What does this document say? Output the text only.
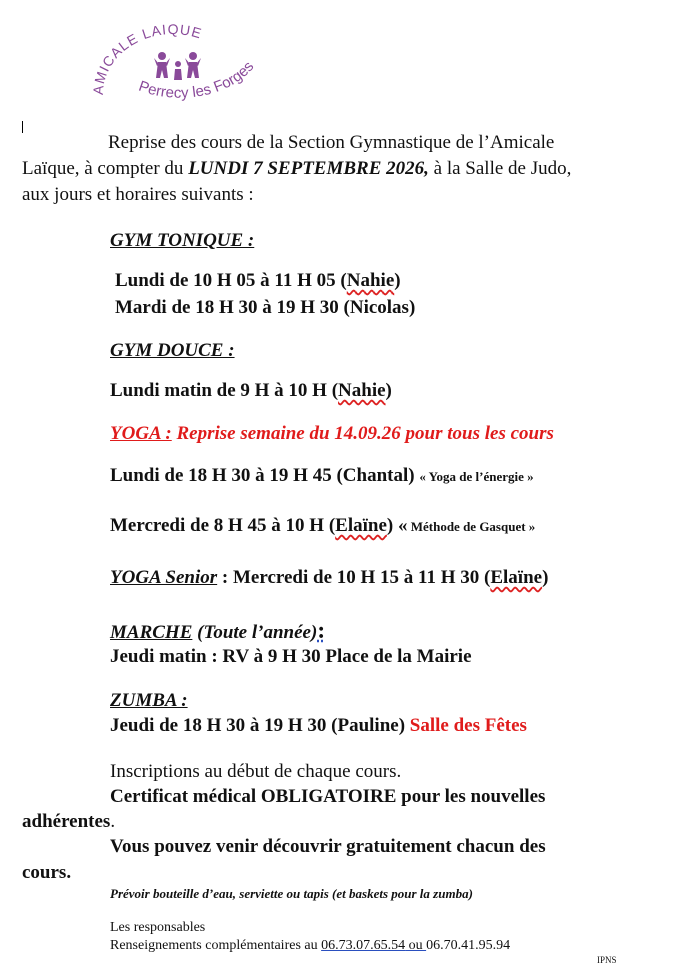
AMICALE LAIQUE
Perrecy les Forges
Reprise des cours de la Section Gymnastique de l’Amicale
Laïque, à compter du LUNDI 7 SEPTEMBRE 2026, à la Salle de Judo,
aux jours et horaires suivants :
GYM TONIQUE :
Lundi de 10 H 05 à 11 H 05 (Nahie)
Mardi de 18 H 30 à 19 H 30 (Nicolas)
GYM DOUCE :
Lundi matin de 9 H à 10 H (Nahie)
YOGA : Reprise semaine du 14.09.26 pour tous les cours
Lundi de 18 H 30 à 19 H 45 (Chantal) « Yoga de l’énergie »
Mercredi de 8 H 45 à 10 H (Elaïne) « Méthode de Gasquet »
YOGA Senior : Mercredi de 10 H 15 à 11 H 30 (Elaïne)
MARCHE (Toute l’année):
Jeudi matin : RV à 9 H 30 Place de la Mairie
ZUMBA :
Jeudi de 18 H 30 à 19 H 30 (Pauline) Salle des Fêtes
Inscriptions au début de chaque cours.
Certificat médical OBLIGATOIRE pour les nouvelles
adhérentes.
Vous pouvez venir découvrir gratuitement chacun des
cours.
Prévoir bouteille d’eau, serviette ou tapis (et baskets pour la zumba)
Les responsables
Renseignements complémentaires au 06.73.07.65.54 ou 06.70.41.95.94
IPNS
